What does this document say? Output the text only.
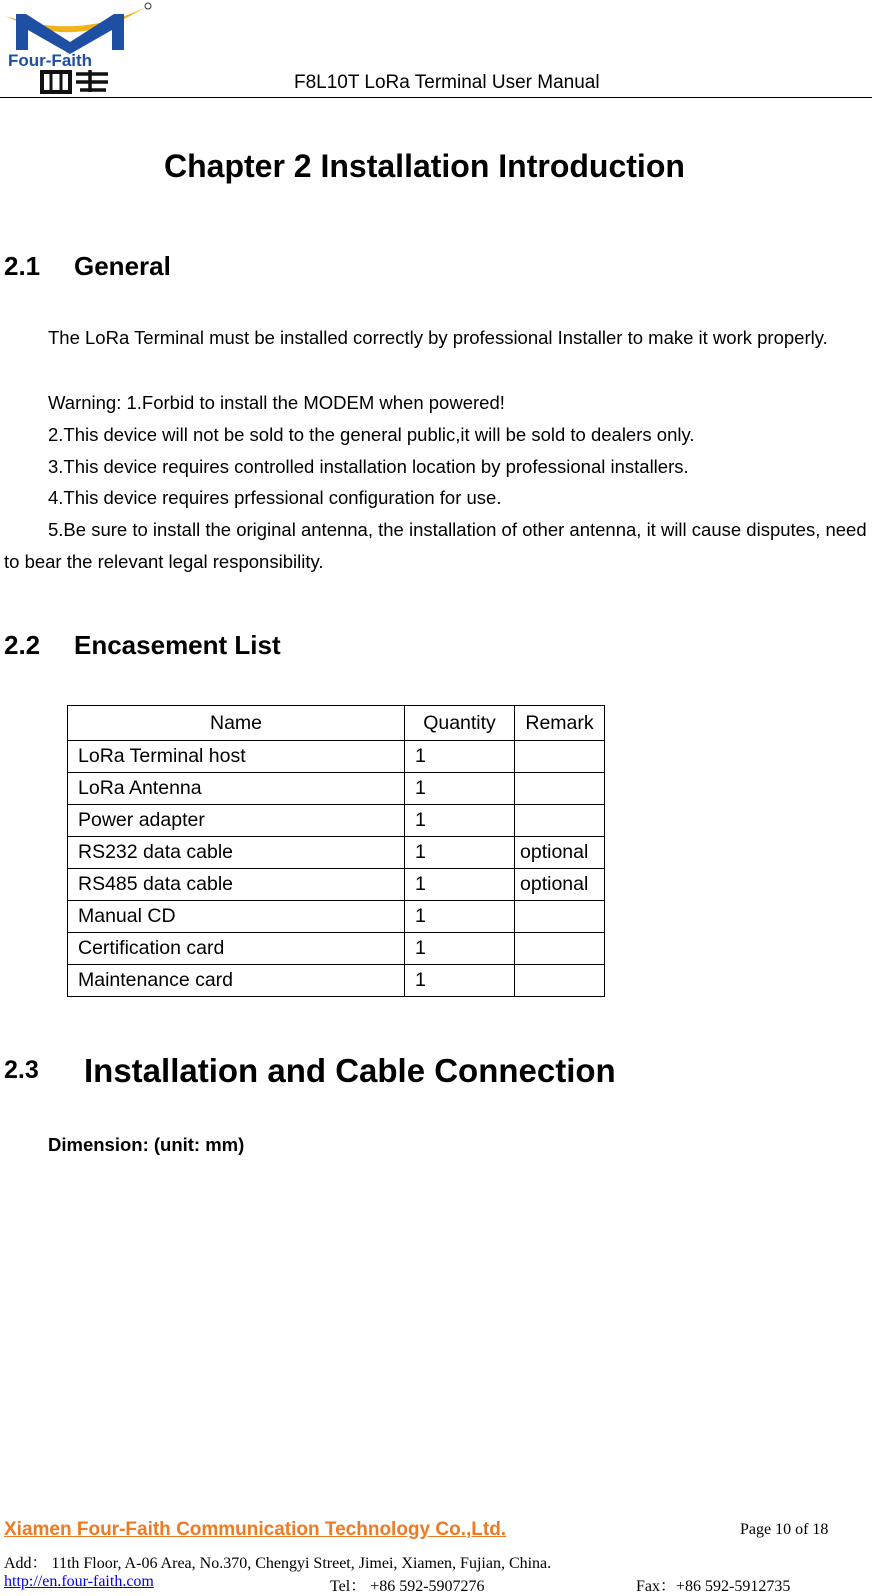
Four-Faith
F8L10T LoRa Terminal User Manual
Chapter 2 Installation Introduction
2.1 General
The LoRa Terminal must be installed correctly by professional Installer to make it work properly.
Warning: 1.Forbid to install the MODEM when powered!
2.This device will not be sold to the general public,it will be sold to dealers only.
3.This device requires controlled installation location by professional installers.
4.This device requires prfessional configuration for use.
5.Be sure to install the original antenna, the installation of other antenna, it will cause disputes, need to bear the relevant legal responsibility.
2.2 Encasement List
Name	Quantity	Remark
LoRa Terminal host	1	
LoRa Antenna	1	
Power adapter	1	
RS232 data cable	1	optional
RS485 data cable	1	optional
Manual CD	1	
Certification card	1	
Maintenance card	1	
2.3 Installation and Cable Connection
Dimension: (unit: mm)
Xiamen Four-Faith Communication Technology Co.,Ltd.	Page 10 of 18
Add： 11th Floor, A-06 Area, No.370, Chengyi Street, Jimei, Xiamen, Fujian, China.
http://en.four-faith.com	Tel： +86 592-5907276	Fax：+86 592-5912735
